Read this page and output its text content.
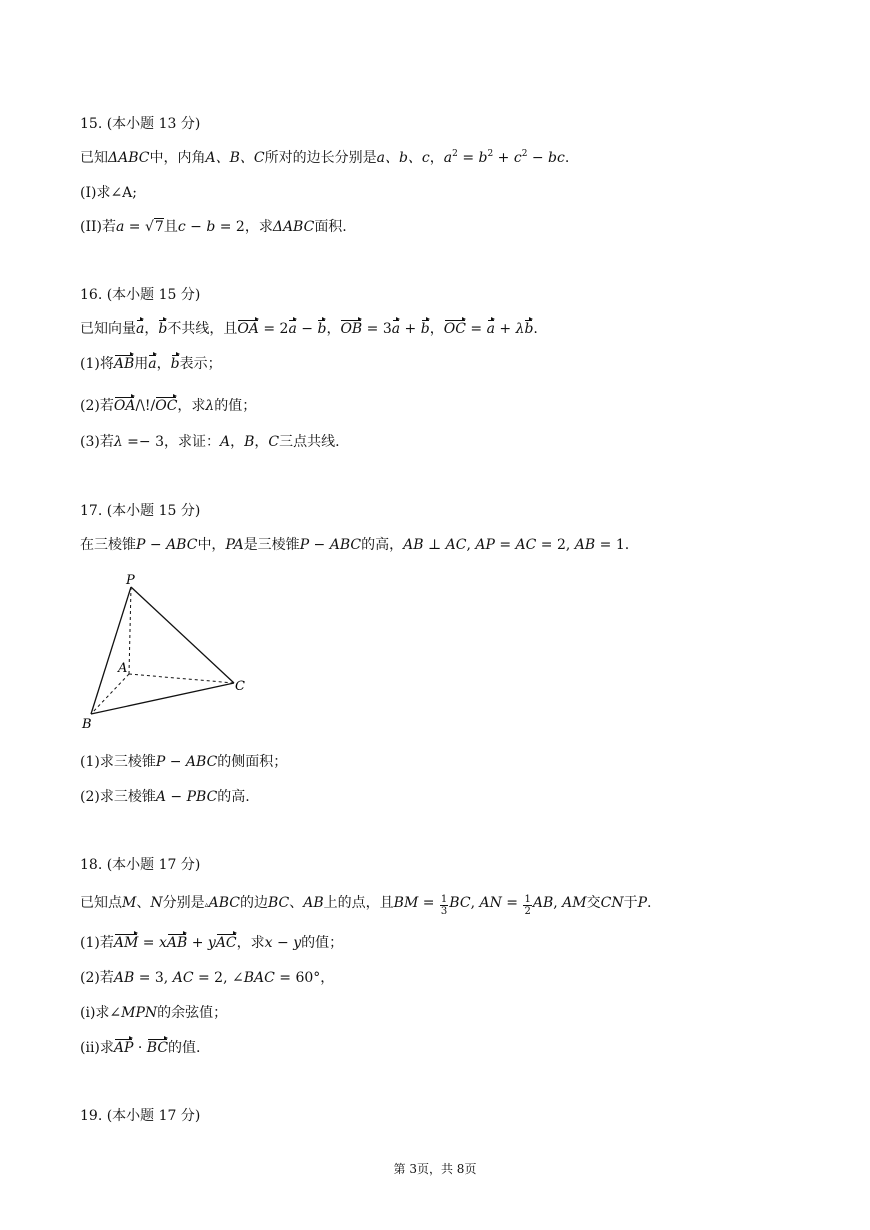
15. (本小题 13 分)
已知ΔABC中，内角A、B、C所对的边长分别是a、b、c，$a^2 = b^2 + c^2$ − bc.
(I)求∠A;
(II)若a = √7且c − b = 2，求ΔABC面积.
16. (本小题 15 分)
已知向量a，b不共线，且OA = 2a − b，OB = 3a + b，OC = a + λb.
(1)将AB用a，b表示；
(2)若OA/\!/OC，求λ的值；
(3)若λ =− 3，求证：A，B，C三点共线.
17. (本小题 15 分)
在三棱锥P − ABC中，PA是三棱锥P − ABC的高，AB ⊥ AC, AP = AC = 2, AB = 1.
P
A
B
C
(1)求三棱锥P − ABC的侧面积；
(2)求三棱锥A − PBC的高.
18. (本小题 17 分)
已知点M、N分别是▵ABC的边BC、AB上的点，且BM = $\frac{1}{3}$ BC, AN = $\frac{1}{2}$ AB, AM交CN于P.
(1)若AM = xAB + yAC，求x − y的值；
(2)若AB = 3, AC = 2, ∠BAC = 60°，
(i)求∠MPN的余弦值；
(ii)求AP · BC的值.
19. (本小题 17 分)
第 3页，共 8页
